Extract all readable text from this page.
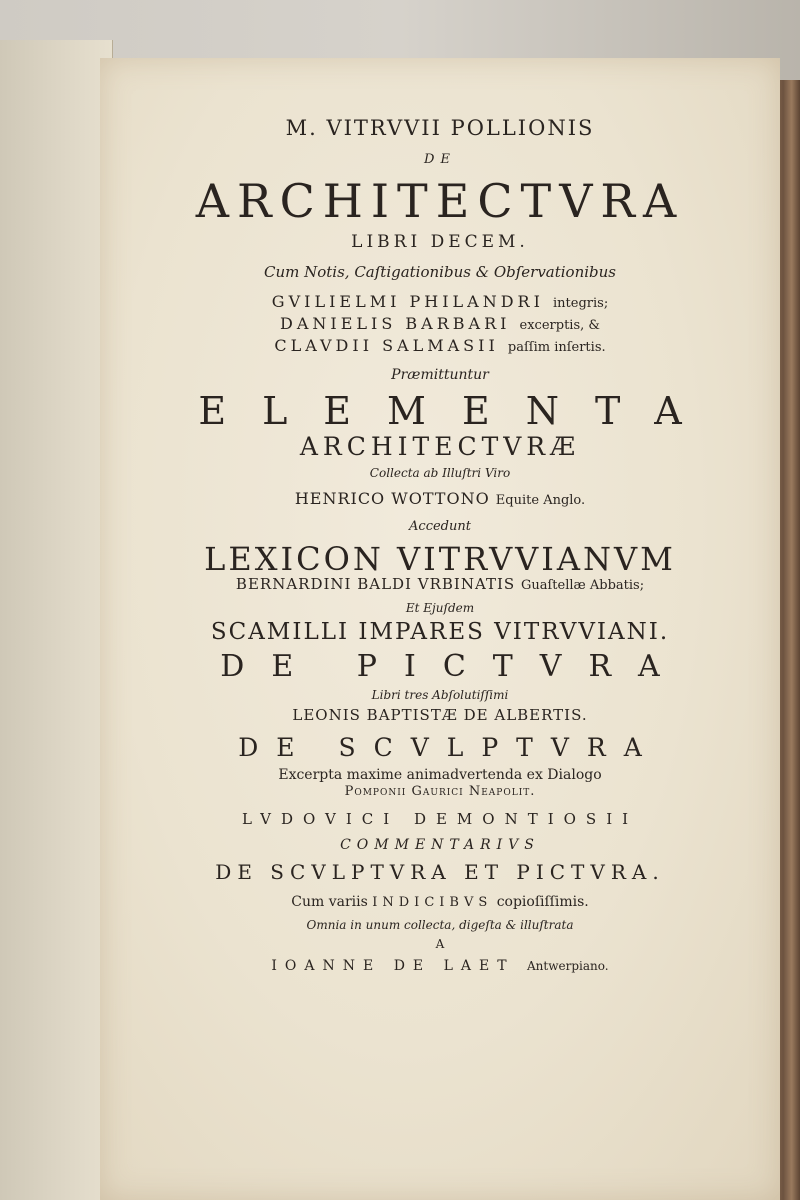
M. VITRVVII POLLIONIS
DE
ARCHITECTVRA
LIBRI DECEM.
Cum Notis, Caſtigationibus & Obſervationibus
GVILIELMI PHILANDRI integris;
DANIELIS BARBARI excerptis, &
CLAVDII SALMASII paſſim inſertis.
Præmittuntur
ELEMENTA
ARCHITECTVRÆ
Collecta ab Illuſtri Viro
HENRICO WOTTONO Equite Anglo.
Accedunt
LEXICON VITRVVIANVM
BERNARDINI BALDI VRBINATIS Guaſtellæ Abbatis;
Et Ejuſdem
SCAMILLI IMPARES VITRVVIANI.
DE PICTVRA
Libri tres Abſolutiſſimi
LEONIS BAPTISTÆ DE ALBERTIS.
DE SCVLPTVRA
Excerpta maxime animadvertenda ex Dialogo
Pomponii Gaurici Neapolit.
LVDOVICI DEMONTIOSII
COMMENTARIVS
DE SCVLPTVRA ET PICTVRA.
Cum variis INDICIBVS copioſiſſimis.
Omnia in unum collecta, digeſta & illuſtrata
A
IOANNE DE LAET Antwerpiano.
